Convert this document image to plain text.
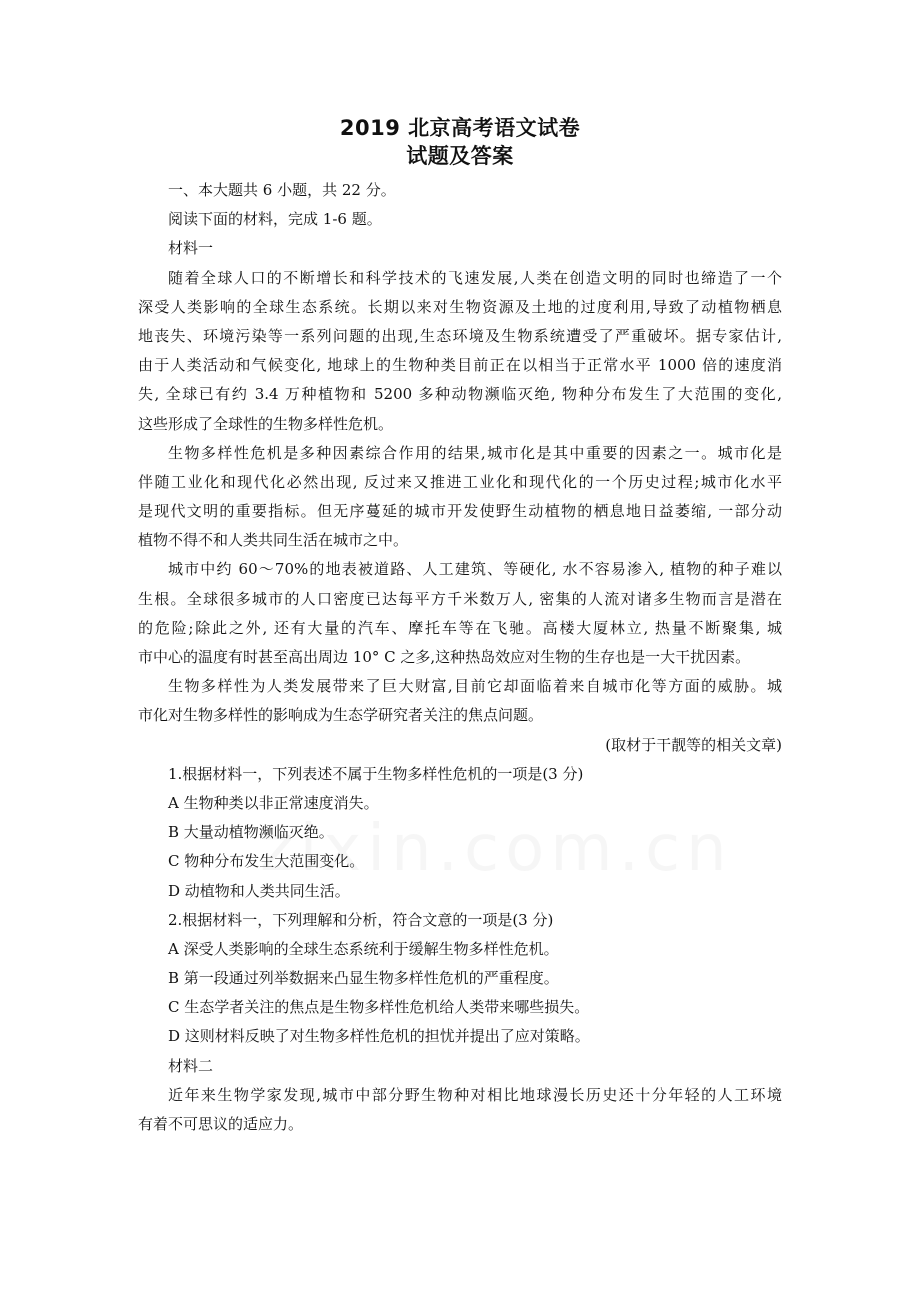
2019 北京高考语文试卷
试题及答案
一、本大题共 6 小题，共 22 分。
阅读下面的材料，完成 1-6 题。
材料一
随着全球人口的不断增长和科学技术的飞速发展,人类在创造文明的同时也缔造了一个
深受人类影响的全球生态系统。长期以来对生物资源及土地的过度利用,导致了动植物栖息
地丧失、环境污染等一系列问题的出现,生态环境及生物系统遭受了严重破坏。据专家估计,
由于人类活动和气候变化, 地球上的生物种类目前正在以相当于正常水平 1000 倍的速度消
失, 全球已有约 3.4 万种植物和 5200 多种动物濒临灭绝, 物种分布发生了大范围的变化,
这些形成了全球性的生物多样性危机。
生物多样性危机是多种因素综合作用的结果,城市化是其中重要的因素之一。城市化是
伴随工业化和现代化必然出现, 反过来又推进工业化和现代化的一个历史过程;城市化水平
是现代文明的重要指标。但无序蔓延的城市开发使野生动植物的栖息地日益萎缩, 一部分动
植物不得不和人类共同生活在城市之中。
城市中约 60～70%的地表被道路、人工建筑、等硬化, 水不容易渗入, 植物的种子难以
生根。全球很多城市的人口密度已达每平方千米数万人, 密集的人流对诸多生物而言是潜在
的危险;除此之外, 还有大量的汽车、摩托车等在飞驰。高楼大厦林立, 热量不断聚集, 城
市中心的温度有时甚至高出周边 10° C 之多,这种热岛效应对生物的生存也是一大干扰因素。
生物多样性为人类发展带来了巨大财富,目前它却面临着来自城市化等方面的威胁。城
市化对生物多样性的影响成为生态学研究者关注的焦点问题。
(取材于干靓等的相关文章)
1.根据材料一，下列表述不属于生物多样性危机的一项是(3 分)
A 生物种类以非正常速度消失。
B 大量动植物濒临灭绝。
C 物种分布发生大范围变化。
D 动植物和人类共同生活。
2.根据材料一，下列理解和分析，符合文意的一项是(3 分)
A 深受人类影响的全球生态系统利于缓解生物多样性危机。
B 第一段通过列举数据来凸显生物多样性危机的严重程度。
C 生态学者关注的焦点是生物多样性危机给人类带来哪些损失。
D 这则材料反映了对生物多样性危机的担忧并提出了应对策略。
材料二
近年来生物学家发现,城市中部分野生物种对相比地球漫长历史还十分年轻的人工环境
有着不可思议的适应力。
